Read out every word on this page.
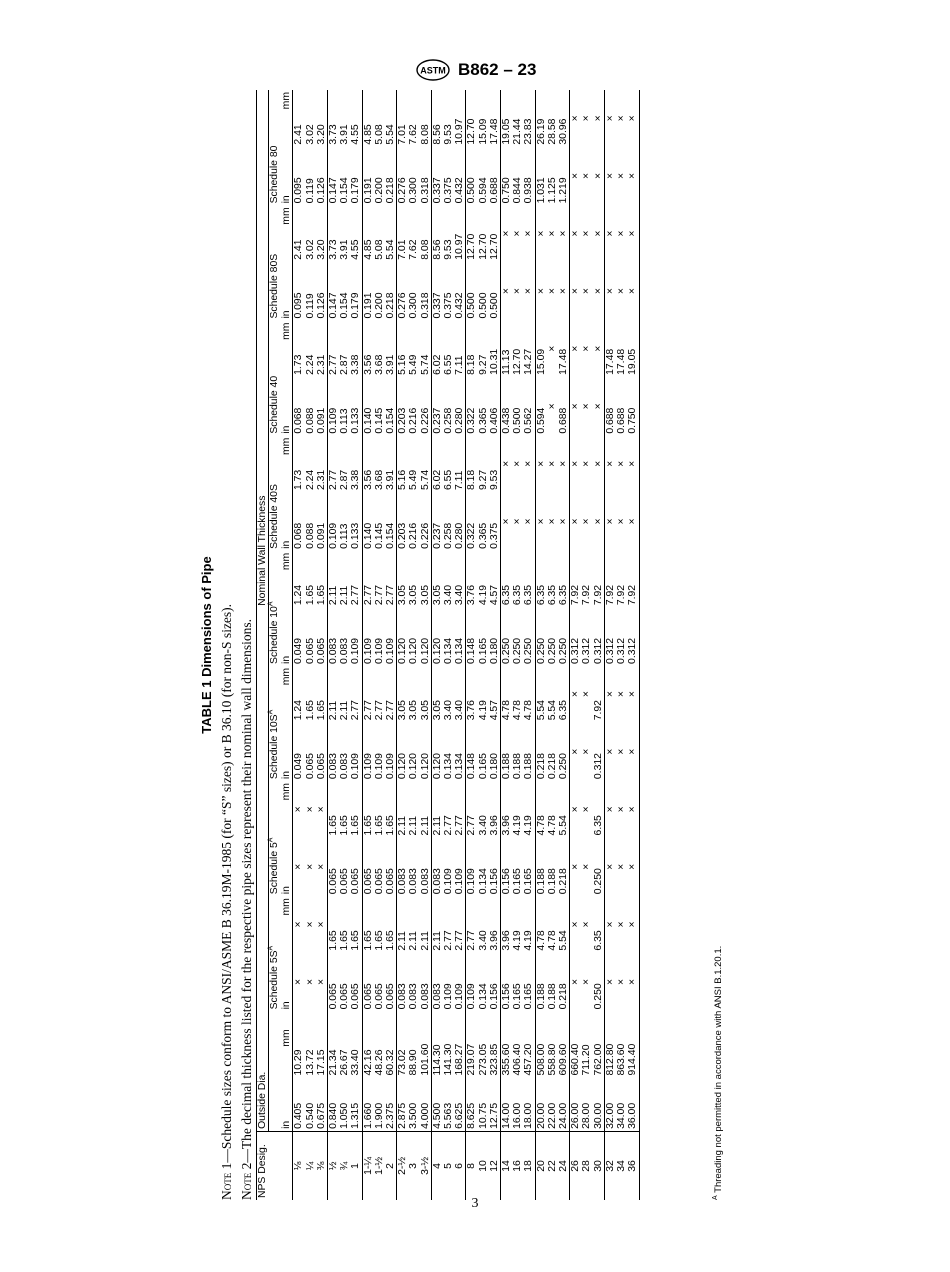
ASTM B862 – 23
TABLE 1 Dimensions of Pipe
Note 1—Schedule sizes conform to ANSI/ASME B 36.19M-1985 (for “S” sizes) or B 36.10 (for non-S sizes).
Note 2—The decimal thickness listed for the respective pipe sizes represent their nominal wall dimensions.
NPS Desig.	Outside Dia.		Nominal Wall Thickness															

	in
mm		Schedule $5S^A$		Schedule $5^A$		Schedule $10S^A$		Schedule $10^A$		Schedule 40S		Schedule 40		Schedule 80S		Schedule 80	
			in	mm	in	mm	in	mm	in	mm	in	mm	in	mm	in	mm	in	mm
⅛	0.405	10.29	×	×	×	×	0.049	1.24	0.049	1.24	0.068	1.73	0.068	1.73	0.095	2.41	0.095	2.41
¼	0.540	13.72	×	×	×	×	0.065	1.65	0.065	1.65	0.088	2.24	0.088	2.24	0.119	3.02	0.119	3.02
⅜	0.675	17.15	×	×	×	×	0.065	1.65	0.065	1.65	0.091	2.31	0.091	2.31	0.126	3.20	0.126	3.20
½	0.840	21.34	0.065	1.65	0.065	1.65	0.083	2.11	0.083	2.11	0.109	2.77	0.109	2.77	0.147	3.73	0.147	3.73
¾	1.050	26.67	0.065	1.65	0.065	1.65	0.083	2.11	0.083	2.11	0.113	2.87	0.113	2.87	0.154	3.91	0.154	3.91
1	1.315	33.40	0.065	1.65	0.065	1.65	0.109	2.77	0.109	2.77	0.133	3.38	0.133	3.38	0.179	4.55	0.179	4.55
1-¼	1.660	42.16	0.065	1.65	0.065	1.65	0.109	2.77	0.109	2.77	0.140	3.56	0.140	3.56	0.191	4.85	0.191	4.85
1-½	1.900	48.26	0.065	1.65	0.065	1.65	0.109	2.77	0.109	2.77	0.145	3.68	0.145	3.68	0.200	5.08	0.200	5.08
2	2.375	60.32	0.065	1.65	0.065	1.65	0.109	2.77	0.109	2.77	0.154	3.91	0.154	3.91	0.218	5.54	0.218	5.54
2-½	2.875	73.02	0.083	2.11	0.083	2.11	0.120	3.05	0.120	3.05	0.203	5.16	0.203	5.16	0.276	7.01	0.276	7.01
3	3.500	88.90	0.083	2.11	0.083	2.11	0.120	3.05	0.120	3.05	0.216	5.49	0.216	5.49	0.300	7.62	0.300	7.62
3-½	4.000	101.60	0.083	2.11	0.083	2.11	0.120	3.05	0.120	3.05	0.226	5.74	0.226	5.74	0.318	8.08	0.318	8.08
4	4.500	114.30	0.083	2.11	0.083	2.11	0.120	3.05	0.120	3.05	0.237	6.02	0.237	6.02	0.337	8.56	0.337	8.56
5	5.563	141.30	0.109	2.77	0.109	2.77	0.134	3.40	0.134	3.40	0.258	6.55	0.258	6.55	0.375	9.53	0.375	9.53
6	6.625	168.27	0.109	2.77	0.109	2.77	0.134	3.40	0.134	3.40	0.280	7.11	0.280	7.11	0.432	10.97	0.432	10.97
8	8.625	219.07	0.109	2.77	0.109	2.77	0.148	3.76	0.148	3.76	0.322	8.18	0.322	8.18	0.500	12.70	0.500	12.70
10	10.75	273.05	0.134	3.40	0.134	3.40	0.165	4.19	0.165	4.19	0.365	9.27	0.365	9.27	0.500	12.70	0.594	15.09
12	12.75	323.85	0.156	3.96	0.156	3.96	0.180	4.57	0.180	4.57	0.375	9.53	0.406	10.31	0.500	12.70	0.688	17.48
14	14.00	355.60	0.156	3.96	0.156	3.96	0.188	4.78	0.250	6.35	×	×	0.438	11.13	×	×	0.750	19.05
16	16.00	406.40	0.165	4.19	0.165	4.19	0.188	4.78	0.250	6.35	×	×	0.500	12.70	×	×	0.844	21.44
18	18.00	457.20	0.165	4.19	0.165	4.19	0.188	4.78	0.250	6.35	×	×	0.562	14.27	×	×	0.938	23.83
20	20.00	508.00	0.188	4.78	0.188	4.78	0.218	5.54	0.250	6.35	×	×	0.594	15.09	×	×	1.031	26.19
22	22.00	558.80	0.188	4.78	0.188	4.78	0.218	5.54	0.250	6.35	×	×	×	×	×	×	1.125	28.58
24	24.00	609.60	0.218	5.54	0.218	5.54	0.250	6.35	0.250	6.35	×	×	0.688	17.48	×	×	1.219	30.96
26	26.00	660.40	×	×	×	×	×	×	0.312	7.92	×	×	×	×	×	×	×	×
28	28.00	711.20	×	×	×	×	×	×	0.312	7.92	×	×	×	×	×	×	×	×
30	30.00	762.00	0.250	6.35	0.250	6.35	0.312	7.92	0.312	7.92	×	×	×	×	×	×	×	×
32	32.00	812.80	×	×	×	×	×	×	0.312	7.92	×	×	0.688	17.48	×	×	×	×
34	34.00	863.60	×	×	×	×	×	×	0.312	7.92	×	×	0.688	17.48	×	×	×	×
36	36.00	914.40	×	×	×	×	×	×	0.312	7.92	×	×	0.750	19.05	×	×	×	×
$^A$ Threading not permitted in accordance with ANSI B.1.20.1.
3
